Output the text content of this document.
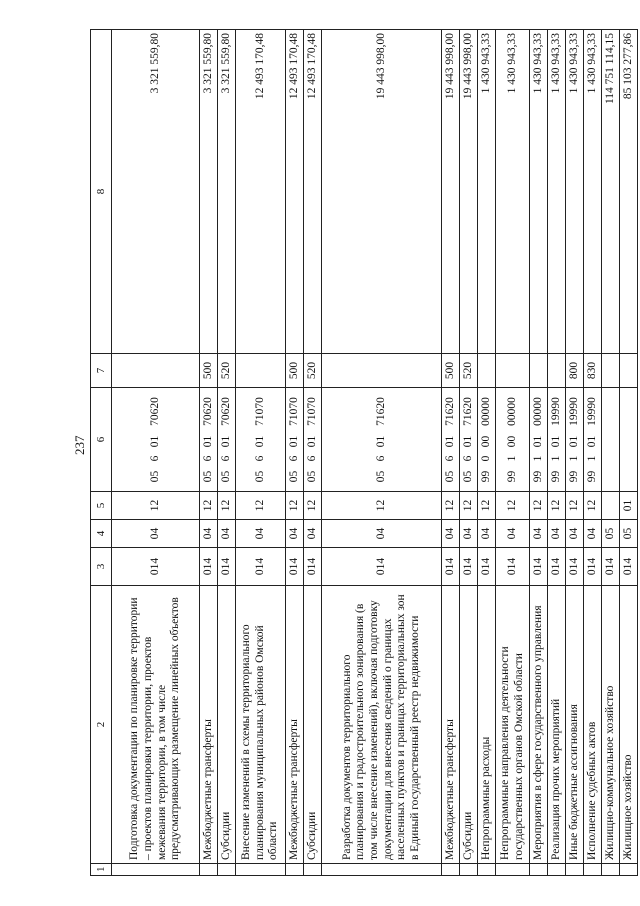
237
1	2	3	4	5	6	7	8
	Подготовка документации по планировке территории – проектов планировки территории, проектов межевания территории, в том числе предусматривающих размещение линейных объектов	014	04	12	0560170620		3 321 559,80
	Межбюджетные трансферты	014	04	12	0560170620	500	3 321 559,80
	Субсидии	014	04	12	0560170620	520	3 321 559,80
	Внесение изменений в схемы территориального планирования муниципальных районов Омской области	014	04	12	0560171070		12 493 170,48
	Межбюджетные трансферты	014	04	12	0560171070	500	12 493 170,48
	Субсидии	014	04	12	0560171070	520	12 493 170,48
	Разработка документов территориального планирования и градостроительного зонирования (в том числе внесение изменений), включая подготовку документации для внесения сведений о границах населенных пунктов и границах территориальных зон в Единый государственный реестр недвижимости	014	04	12	0560171620		19 443 998,00
	Межбюджетные трансферты	014	04	12	0560171620	500	19 443 998,00
	Субсидии	014	04	12	0560171620	520	19 443 998,00
	Непрограммные расходы	014	04	12	9900000000		1 430 943,33
	Непрограммные направления деятельности государственных органов Омской области	014	04	12	9910000000		1 430 943,33
	Мероприятия в сфере государственного управления	014	04	12	9910100000		1 430 943,33
	Реализация прочих мероприятий	014	04	12	9910119990		1 430 943,33
	Иные бюджетные ассигнования	014	04	12	9910119990	800	1 430 943,33
	Исполнение судебных актов	014	04	12	9910119990	830	1 430 943,33
	Жилищно-коммунальное хозяйство	014	05				114 751 114,15
	Жилищное хозяйство	014	05	01			85 103 277,86
